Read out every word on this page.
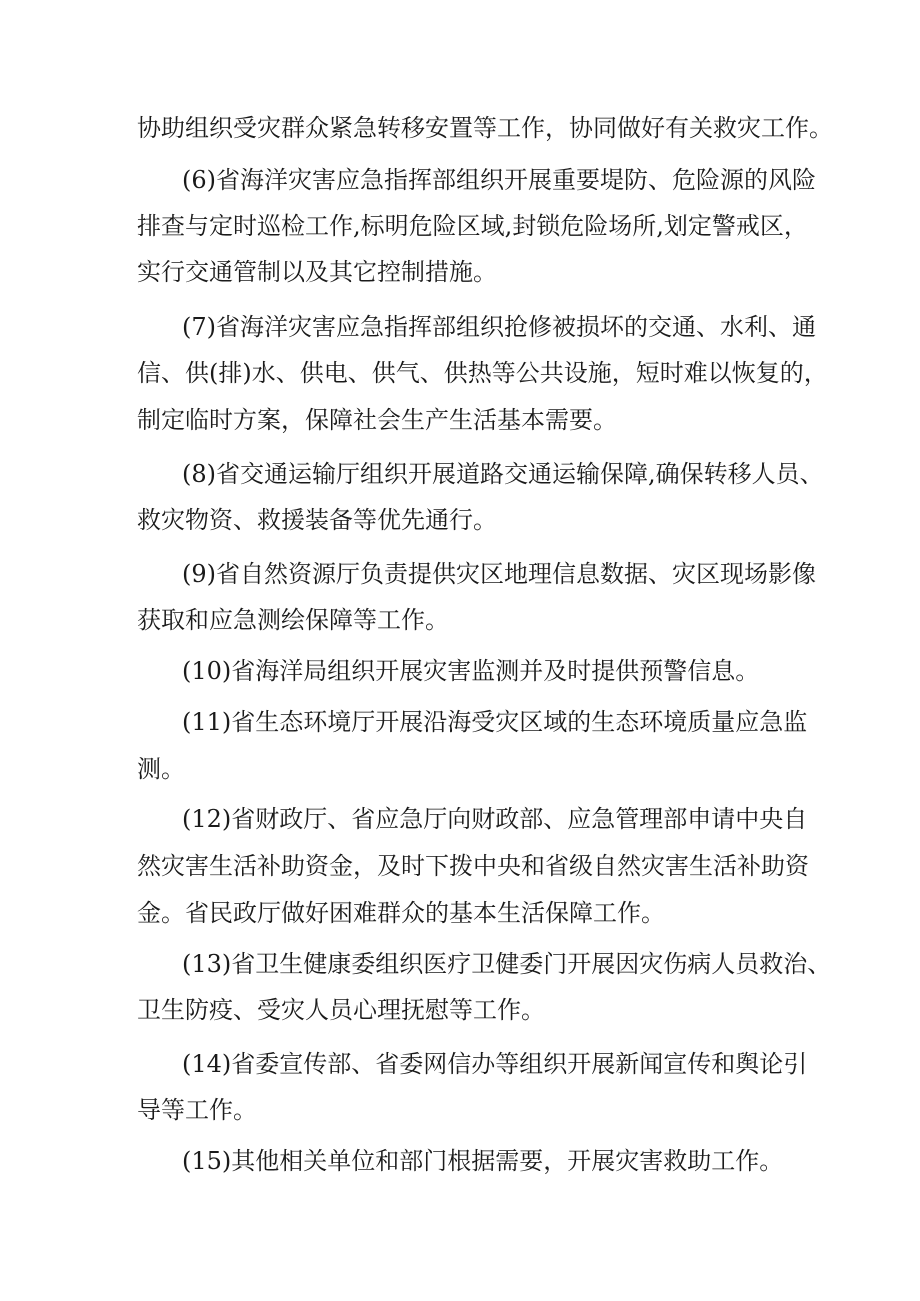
协助组织受灾群众紧急转移安置等工作，协同做好有关救灾工作。
(6)省海洋灾害应急指挥部组织开展重要堤防、危险源的风险
排查与定时巡检工作,标明危险区域,封锁危险场所,划定警戒区，
实行交通管制以及其它控制措施。
(7)省海洋灾害应急指挥部组织抢修被损坏的交通、水利、通
信、供(排)水、供电、供气、供热等公共设施，短时难以恢复的，
制定临时方案，保障社会生产生活基本需要。
(8)省交通运输厅组织开展道路交通运输保障,确保转移人员、
救灾物资、救援装备等优先通行。
(9)省自然资源厅负责提供灾区地理信息数据、灾区现场影像
获取和应急测绘保障等工作。
(10)省海洋局组织开展灾害监测并及时提供预警信息。
(11)省生态环境厅开展沿海受灾区域的生态环境质量应急监
测。
(12)省财政厅、省应急厅向财政部、应急管理部申请中央自
然灾害生活补助资金，及时下拨中央和省级自然灾害生活补助资
金。省民政厅做好困难群众的基本生活保障工作。
(13)省卫生健康委组织医疗卫健委门开展因灾伤病人员救治、
卫生防疫、受灾人员心理抚慰等工作。
(14)省委宣传部、省委网信办等组织开展新闻宣传和舆论引
导等工作。
(15)其他相关单位和部门根据需要，开展灾害救助工作。
